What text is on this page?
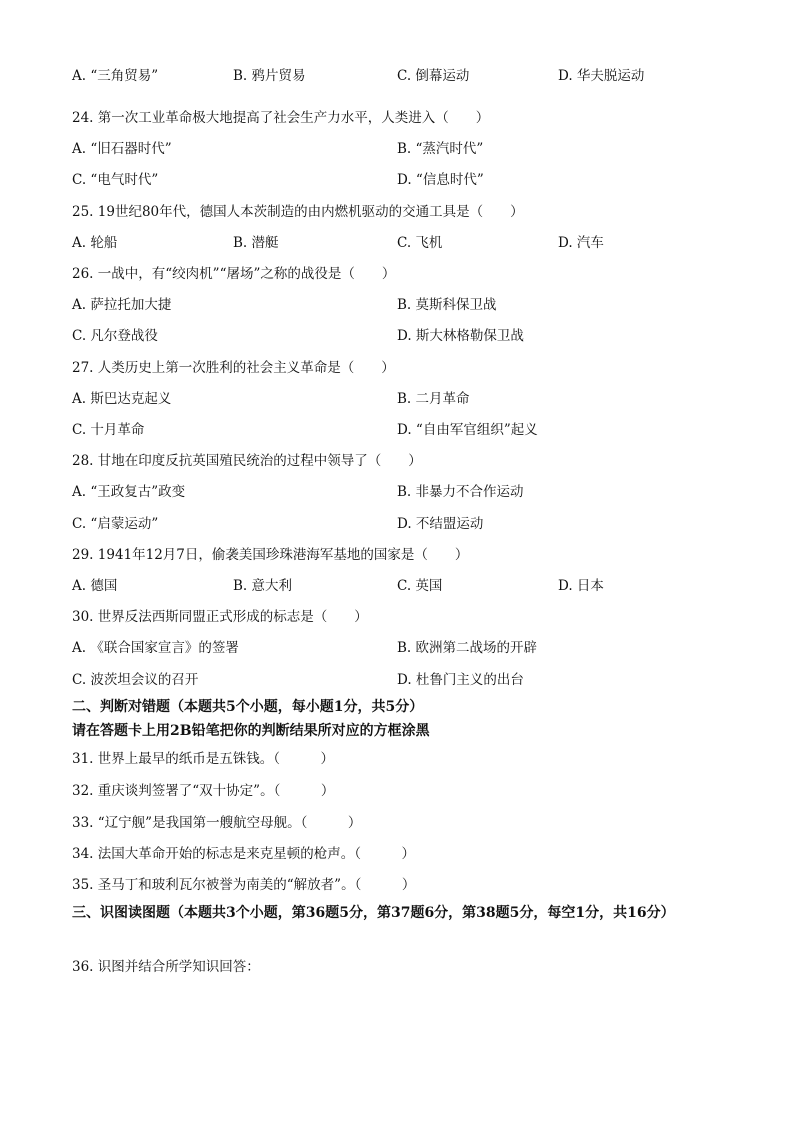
A. “三角贸易”	B. 鸦片贸易	C. 倒幕运动	D. 华夫脱运动
24. 第一次工业革命极大地提高了社会生产力水平，人类进入（　　）
A. “旧石器时代”	B. “蒸汽时代”
C. “电气时代”	D. “信息时代”
25. 19世纪80年代，德国人本茨制造的由内燃机驱动的交通工具是（　　）
A. 轮船	B. 潜艇	C. 飞机	D. 汽车
26. 一战中，有“绞肉机”“屠场”之称的战役是（　　）
A. 萨拉托加大捷	B. 莫斯科保卫战
C. 凡尔登战役	D. 斯大林格勒保卫战
27. 人类历史上第一次胜利的社会主义革命是（　　）
A. 斯巴达克起义	B. 二月革命
C. 十月革命	D. “自由军官组织”起义
28. 甘地在印度反抗英国殖民统治的过程中领导了（　　）
A. “王政复古”政变	B. 非暴力不合作运动
C. “启蒙运动”	D. 不结盟运动
29. 1941年12月7日，偷袭美国珍珠港海军基地的国家是（　　）
A. 德国	B. 意大利	C. 英国	D. 日本
30. 世界反法西斯同盟正式形成的标志是（　　）
A. 《联合国家宣言》的签署	B. 欧洲第二战场的开辟
C. 波茨坦会议的召开	D. 杜鲁门主义的出台
二、判断对错题（本题共5个小题，每小题1分，共5分）
请在答题卡上用2B铅笔把你的判断结果所对应的方框涂黑
31. 世界上最早的纸币是五铢钱。（　　　）
32. 重庆谈判签署了“双十协定”。（　　　）
33. “辽宁舰”是我国第一艘航空母舰。（　　　）
34. 法国大革命开始的标志是来克星顿的枪声。（　　　）
35. 圣马丁和玻利瓦尔被誉为南美的“解放者”。（　　　）
三、识图读图题（本题共3个小题，第36题5分，第37题6分，第38题5分，每空1分，共16分）
36. 识图并结合所学知识回答：
